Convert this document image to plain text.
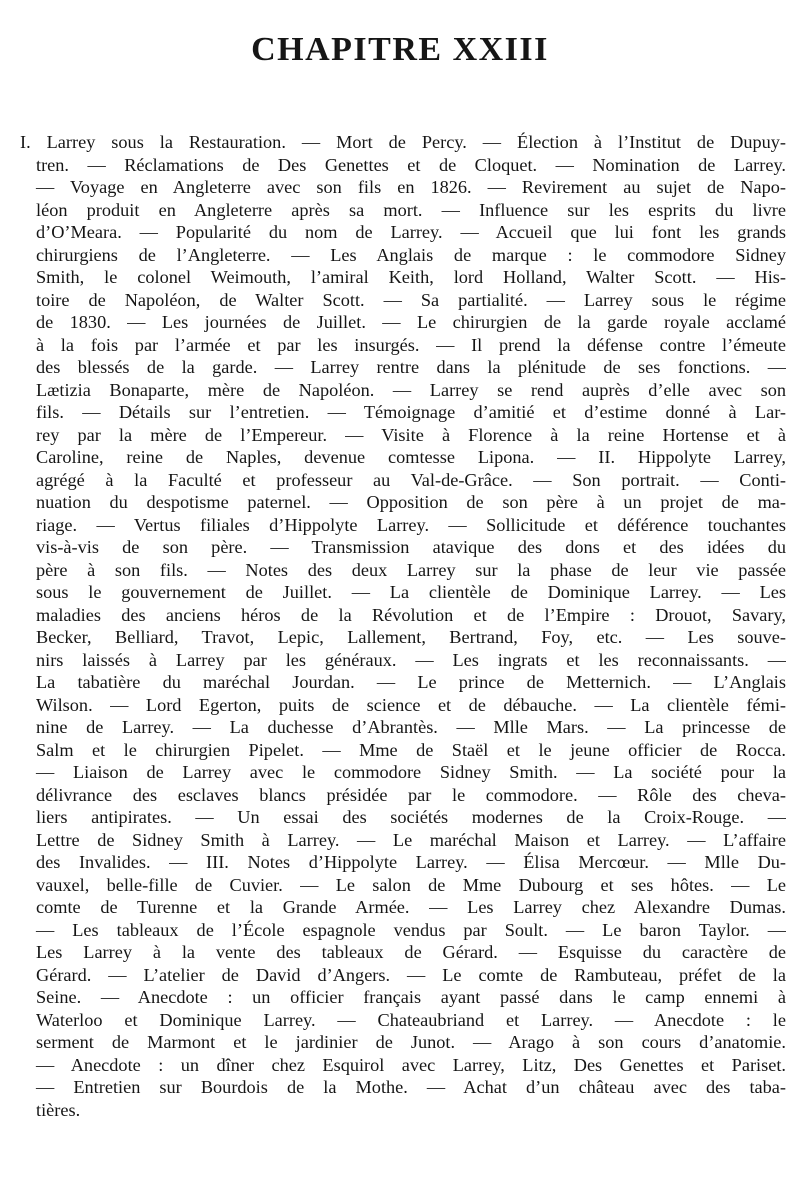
CHAPITRE XXIII
I. Larrey sous la Restauration. — Mort de Percy. — Élection à l’Institut de Dupuy-
tren. — Réclamations de Des Genettes et de Cloquet. — Nomination de Larrey.
— Voyage en Angleterre avec son fils en 1826. — Revirement au sujet de Napo-
léon produit en Angleterre après sa mort. — Influence sur les esprits du livre
d’O’Meara. — Popularité du nom de Larrey. — Accueil que lui font les grands
chirurgiens de l’Angleterre. — Les Anglais de marque : le commodore Sidney
Smith, le colonel Weimouth, l’amiral Keith, lord Holland, Walter Scott. — His-
toire de Napoléon, de Walter Scott. — Sa partialité. — Larrey sous le régime
de 1830. — Les journées de Juillet. — Le chirurgien de la garde royale acclamé
à la fois par l’armée et par les insurgés. — Il prend la défense contre l’émeute
des blessés de la garde. — Larrey rentre dans la plénitude de ses fonctions. —
Lætizia Bonaparte, mère de Napoléon. — Larrey se rend auprès d’elle avec son
fils. — Détails sur l’entretien. — Témoignage d’amitié et d’estime donné à Lar-
rey par la mère de l’Empereur. — Visite à Florence à la reine Hortense et à
Caroline, reine de Naples, devenue comtesse Lipona. — II. Hippolyte Larrey,
agrégé à la Faculté et professeur au Val-de-Grâce. — Son portrait. — Conti-
nuation du despotisme paternel. — Opposition de son père à un projet de ma-
riage. — Vertus filiales d’Hippolyte Larrey. — Sollicitude et déférence touchantes
vis-à-vis de son père. — Transmission atavique des dons et des idées du
père à son fils. — Notes des deux Larrey sur la phase de leur vie passée
sous le gouvernement de Juillet. — La clientèle de Dominique Larrey. — Les
maladies des anciens héros de la Révolution et de l’Empire : Drouot, Savary,
Becker, Belliard, Travot, Lepic, Lallement, Bertrand, Foy, etc. — Les souve-
nirs laissés à Larrey par les généraux. — Les ingrats et les reconnaissants. —
La tabatière du maréchal Jourdan. — Le prince de Metternich. — L’Anglais
Wilson. — Lord Egerton, puits de science et de débauche. — La clientèle fémi-
nine de Larrey. — La duchesse d’Abrantès. — Mlle Mars. — La princesse de
Salm et le chirurgien Pipelet. — Mme de Staël et le jeune officier de Rocca.
— Liaison de Larrey avec le commodore Sidney Smith. — La société pour la
délivrance des esclaves blancs présidée par le commodore. — Rôle des cheva-
liers antipirates. — Un essai des sociétés modernes de la Croix-Rouge. —
Lettre de Sidney Smith à Larrey. — Le maréchal Maison et Larrey. — L’affaire
des Invalides. — III. Notes d’Hippolyte Larrey. — Élisa Mercœur. — Mlle Du-
vauxel, belle-fille de Cuvier. — Le salon de Mme Dubourg et ses hôtes. — Le
comte de Turenne et la Grande Armée. — Les Larrey chez Alexandre Dumas.
— Les tableaux de l’École espagnole vendus par Soult. — Le baron Taylor. —
Les Larrey à la vente des tableaux de Gérard. — Esquisse du caractère de
Gérard. — L’atelier de David d’Angers. — Le comte de Rambuteau, préfet de la
Seine. — Anecdote : un officier français ayant passé dans le camp ennemi à
Waterloo et Dominique Larrey. — Chateaubriand et Larrey. — Anecdote : le
serment de Marmont et le jardinier de Junot. — Arago à son cours d’anatomie.
— Anecdote : un dîner chez Esquirol avec Larrey, Litz, Des Genettes et Pariset.
— Entretien sur Bourdois de la Mothe. — Achat d’un château avec des taba-
tières.
